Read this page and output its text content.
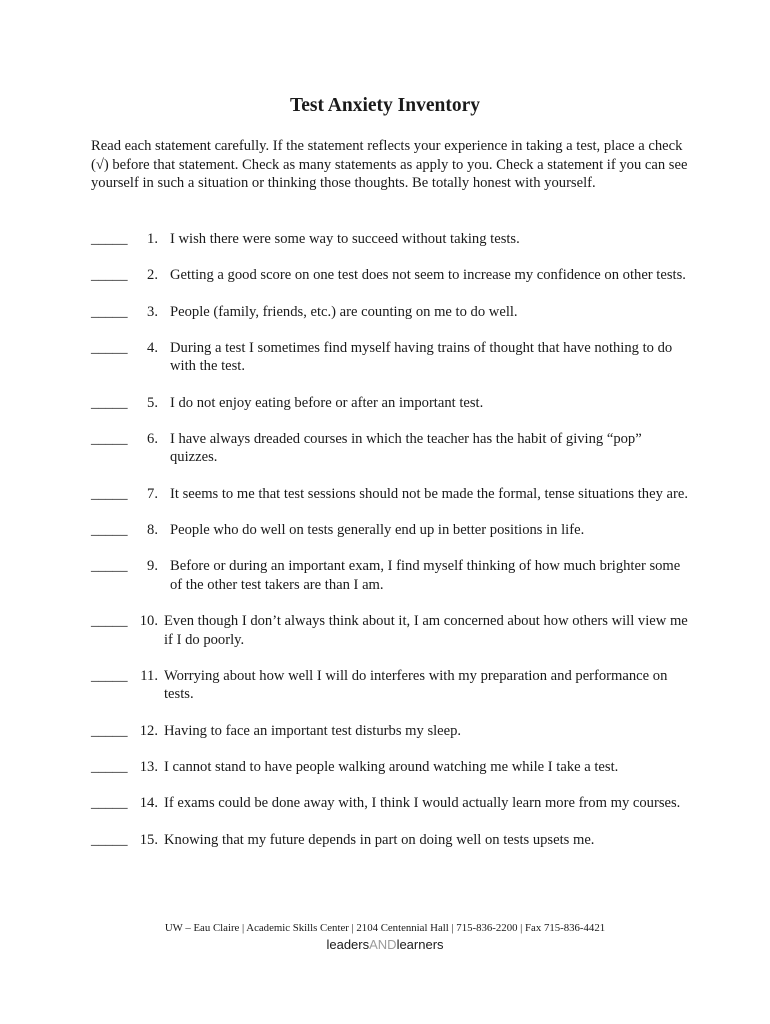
Test Anxiety Inventory
Read each statement carefully. If the statement reflects your experience in taking a test, place a check (√) before that statement. Check as many statements as apply to you. Check a statement if you can see yourself in such a situation or thinking those thoughts. Be totally honest with yourself.
_____	1. I wish there were some way to succeed without taking tests.
_____	2. Getting a good score on one test does not seem to increase my confidence on other tests.
_____	3. People (family, friends, etc.) are counting on me to do well.
_____	4. During a test I sometimes find myself having trains of thought that have nothing to do with the test.
_____	5. I do not enjoy eating before or after an important test.
_____	6. I have always dreaded courses in which the teacher has the habit of giving “pop” quizzes.
_____	7. It seems to me that test sessions should not be made the formal, tense situations they are.
_____	8. People who do well on tests generally end up in better positions in life.
_____	9. Before or during an important exam, I find myself thinking of how much brighter some of the other test takers are than I am.
_____ 10. Even though I don’t always think about it, I am concerned about how others will view me if I do poorly.
_____ 11. Worrying about how well I will do interferes with my preparation and performance on tests.
_____ 12. Having to face an important test disturbs my sleep.
_____ 13. I cannot stand to have people walking around watching me while I take a test.
_____ 14. If exams could be done away with, I think I would actually learn more from my courses.
_____ 15. Knowing that my future depends in part on doing well on tests upsets me.
UW – Eau Claire | Academic Skills Center | 2104 Centennial Hall | 715-836-2200 | Fax 715-836-4421
leadersANDlearners
